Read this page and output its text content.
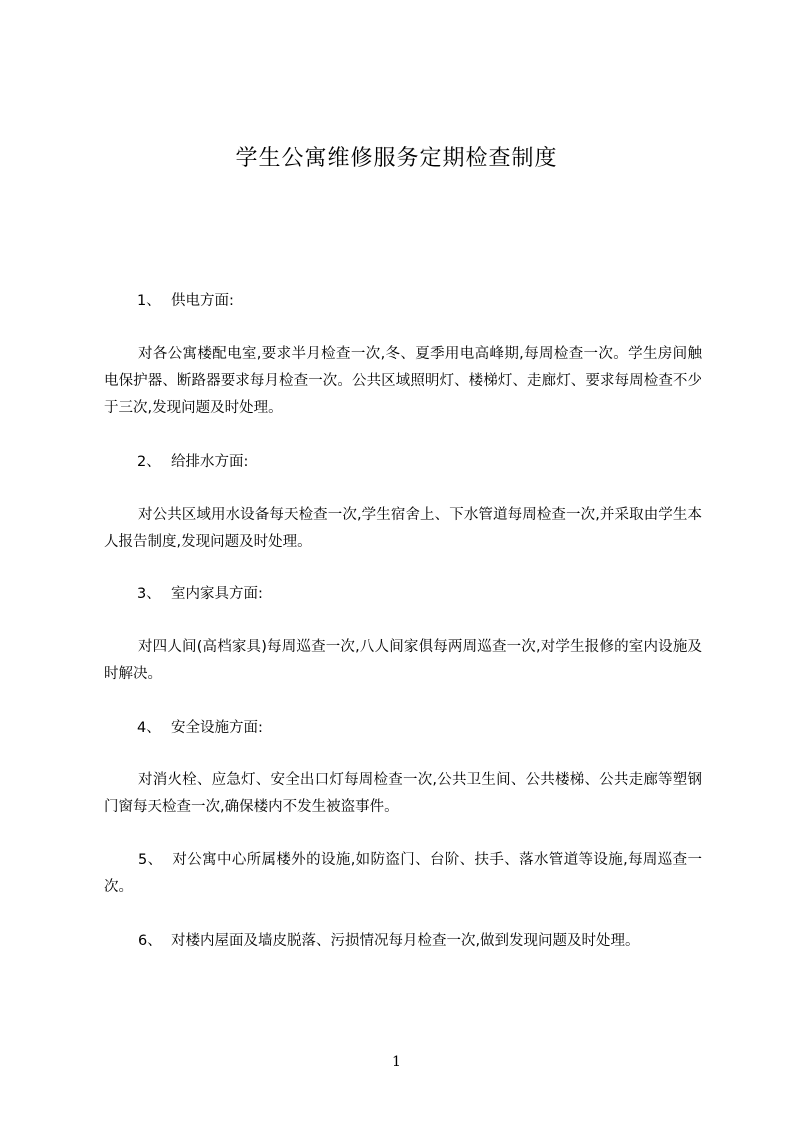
学生公寓维修服务定期检查制度
1、 供电方面:
对各公寓楼配电室,要求半月检查一次,冬、夏季用电高峰期,每周检查一次。学生房间触电保护器、断路器要求每月检查一次。公共区域照明灯、楼梯灯、走廊灯、要求每周检查不少于三次,发现问题及时处理。
2、 给排水方面:
对公共区域用水设备每天检查一次,学生宿舍上、下水管道每周检查一次,并采取由学生本人报告制度,发现问题及时处理。
3、 室内家具方面:
对四人间(高档家具)每周巡查一次,八人间家俱每两周巡查一次,对学生报修的室内设施及时解决。
4、 安全设施方面:
对消火栓、应急灯、安全出口灯每周检查一次,公共卫生间、公共楼梯、公共走廊等塑钢门窗每天检查一次,确保楼内不发生被盗事件。
5、 对公寓中心所属楼外的设施,如防盗门、台阶、扶手、落水管道等设施,每周巡查一次。
6、 对楼内屋面及墙皮脱落、污损情况每月检查一次,做到发现问题及时处理。
1
